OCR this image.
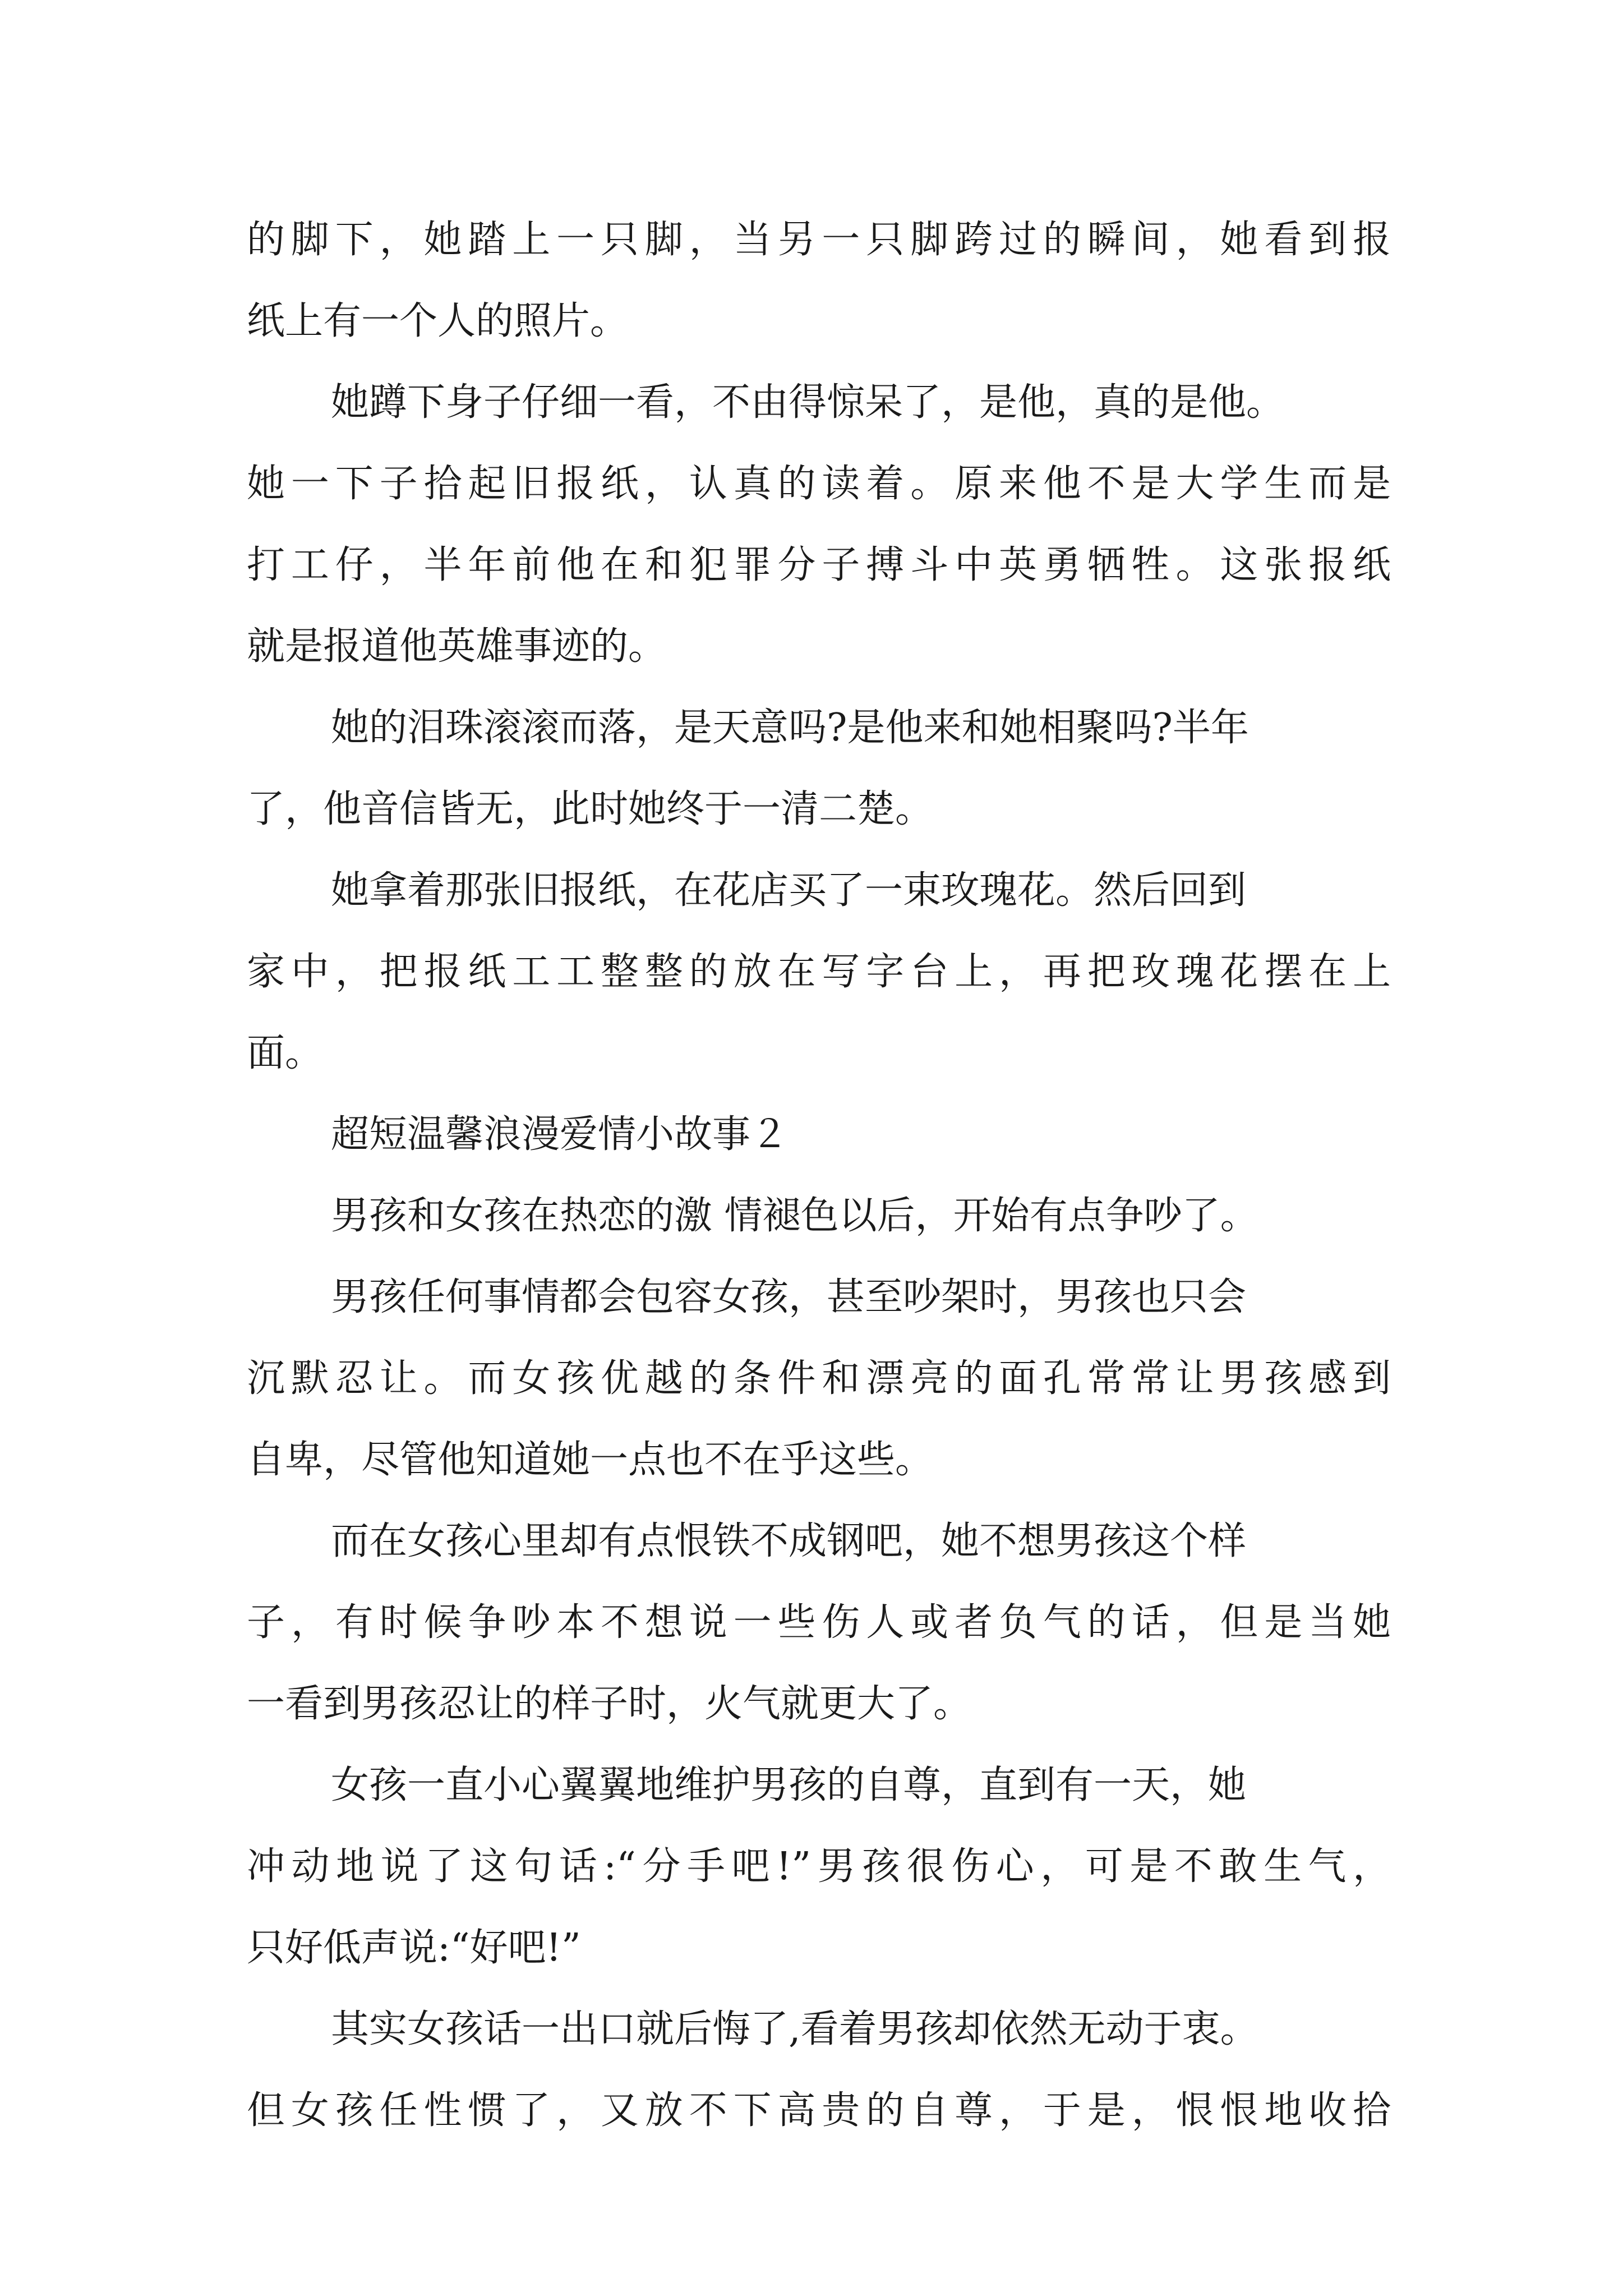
的脚下，她踏上一只脚，当另一只脚跨过的瞬间，她看到报
纸上有一个人的照片。
她蹲下身子仔细一看，不由得惊呆了，是他，真的是他。
她一下子拾起旧报纸，认真的读着。原来他不是大学生而是
打工仔，半年前他在和犯罪分子搏斗中英勇牺牲。这张报纸
就是报道他英雄事迹的。
她的泪珠滚滚而落，是天意吗?是他来和她相聚吗?半年
了，他音信皆无，此时她终于一清二楚。
她拿着那张旧报纸，在花店买了一束玫瑰花。然后回到
家中，把报纸工工整整的放在写字台上，再把玫瑰花摆在上
面。
超短温馨浪漫爱情小故事２
男孩和女孩在热恋的激 情褪色以后，开始有点争吵了。
男孩任何事情都会包容女孩，甚至吵架时，男孩也只会
沉默忍让。而女孩优越的条件和漂亮的面孔常常让男孩感到
自卑，尽管他知道她一点也不在乎这些。
而在女孩心里却有点恨铁不成钢吧，她不想男孩这个样
子，有时候争吵本不想说一些伤人或者负气的话，但是当她
一看到男孩忍让的样子时，火气就更大了。
女孩一直小心翼翼地维护男孩的自尊，直到有一天，她
冲动地说了这句话:“分手吧!”男孩很伤心，可是不敢生气，
只好低声说:“好吧!”
其实女孩话一出口就后悔了,看着男孩却依然无动于衷。
但女孩任性惯了，又放不下高贵的自尊，于是，恨恨地收拾
